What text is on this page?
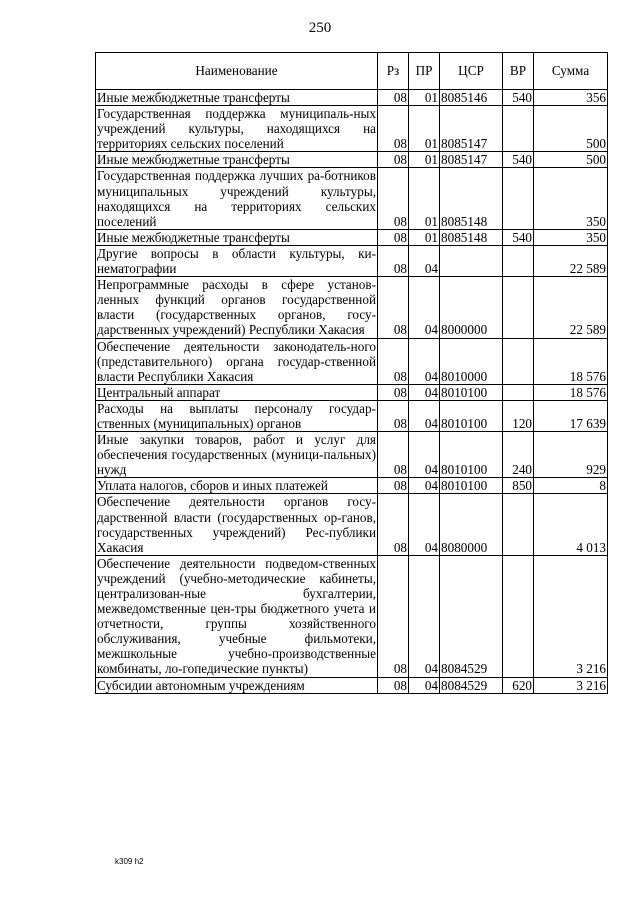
250
Наименование	Рз	ПР	ЦСР	ВР	Сумма
Иные межбюджетные трансферты	08	01	8085146	540	356
Государственная поддержка муниципаль-ных учреждений культуры, находящихся на территориях сельских поселений	08	01	8085147		500
Иные межбюджетные трансферты	08	01	8085147	540	500
Государственная поддержка лучших ра-ботников муниципальных учреждений культуры, находящихся на территориях сельских поселений	08	01	8085148		350
Иные межбюджетные трансферты	08	01	8085148	540	350
Другие вопросы в области культуры, ки-нематографии	08	04			22 589
Непрограммные расходы в сфере установ-ленных функций органов государственной власти (государственных органов, госу-дарственных учреждений) Республики Хакасия	08	04	8000000		22 589
Обеспечение деятельности законодатель-ного (представительного) органа государ-ственной власти Республики Хакасия	08	04	8010000		18 576
Центральный аппарат	08	04	8010100		18 576
Расходы на выплаты персоналу государ-ственных (муниципальных) органов	08	04	8010100	120	17 639
Иные закупки товаров, работ и услуг для обеспечения государственных (муници-пальных) нужд	08	04	8010100	240	929
Уплата налогов, сборов и иных платежей	08	04	8010100	850	8
Обеспечение деятельности органов госу-дарственной власти (государственных ор-ганов, государственных учреждений) Рес-публики Хакасия	08	04	8080000		4 013
Обеспечение деятельности подведом-ственных учреждений (учебно-методические кабинеты, централизован-ные бухгалтерии, межведомственные цен-тры бюджетного учета и отчетности, группы хозяйственного обслуживания, учебные фильмотеки, межшкольные учебно-производственные комбинаты, ло-гопедические пункты)	08	04	8084529		3 216
Субсидии автономным учреждениям	08	04	8084529	620	3 216
k309 h2
